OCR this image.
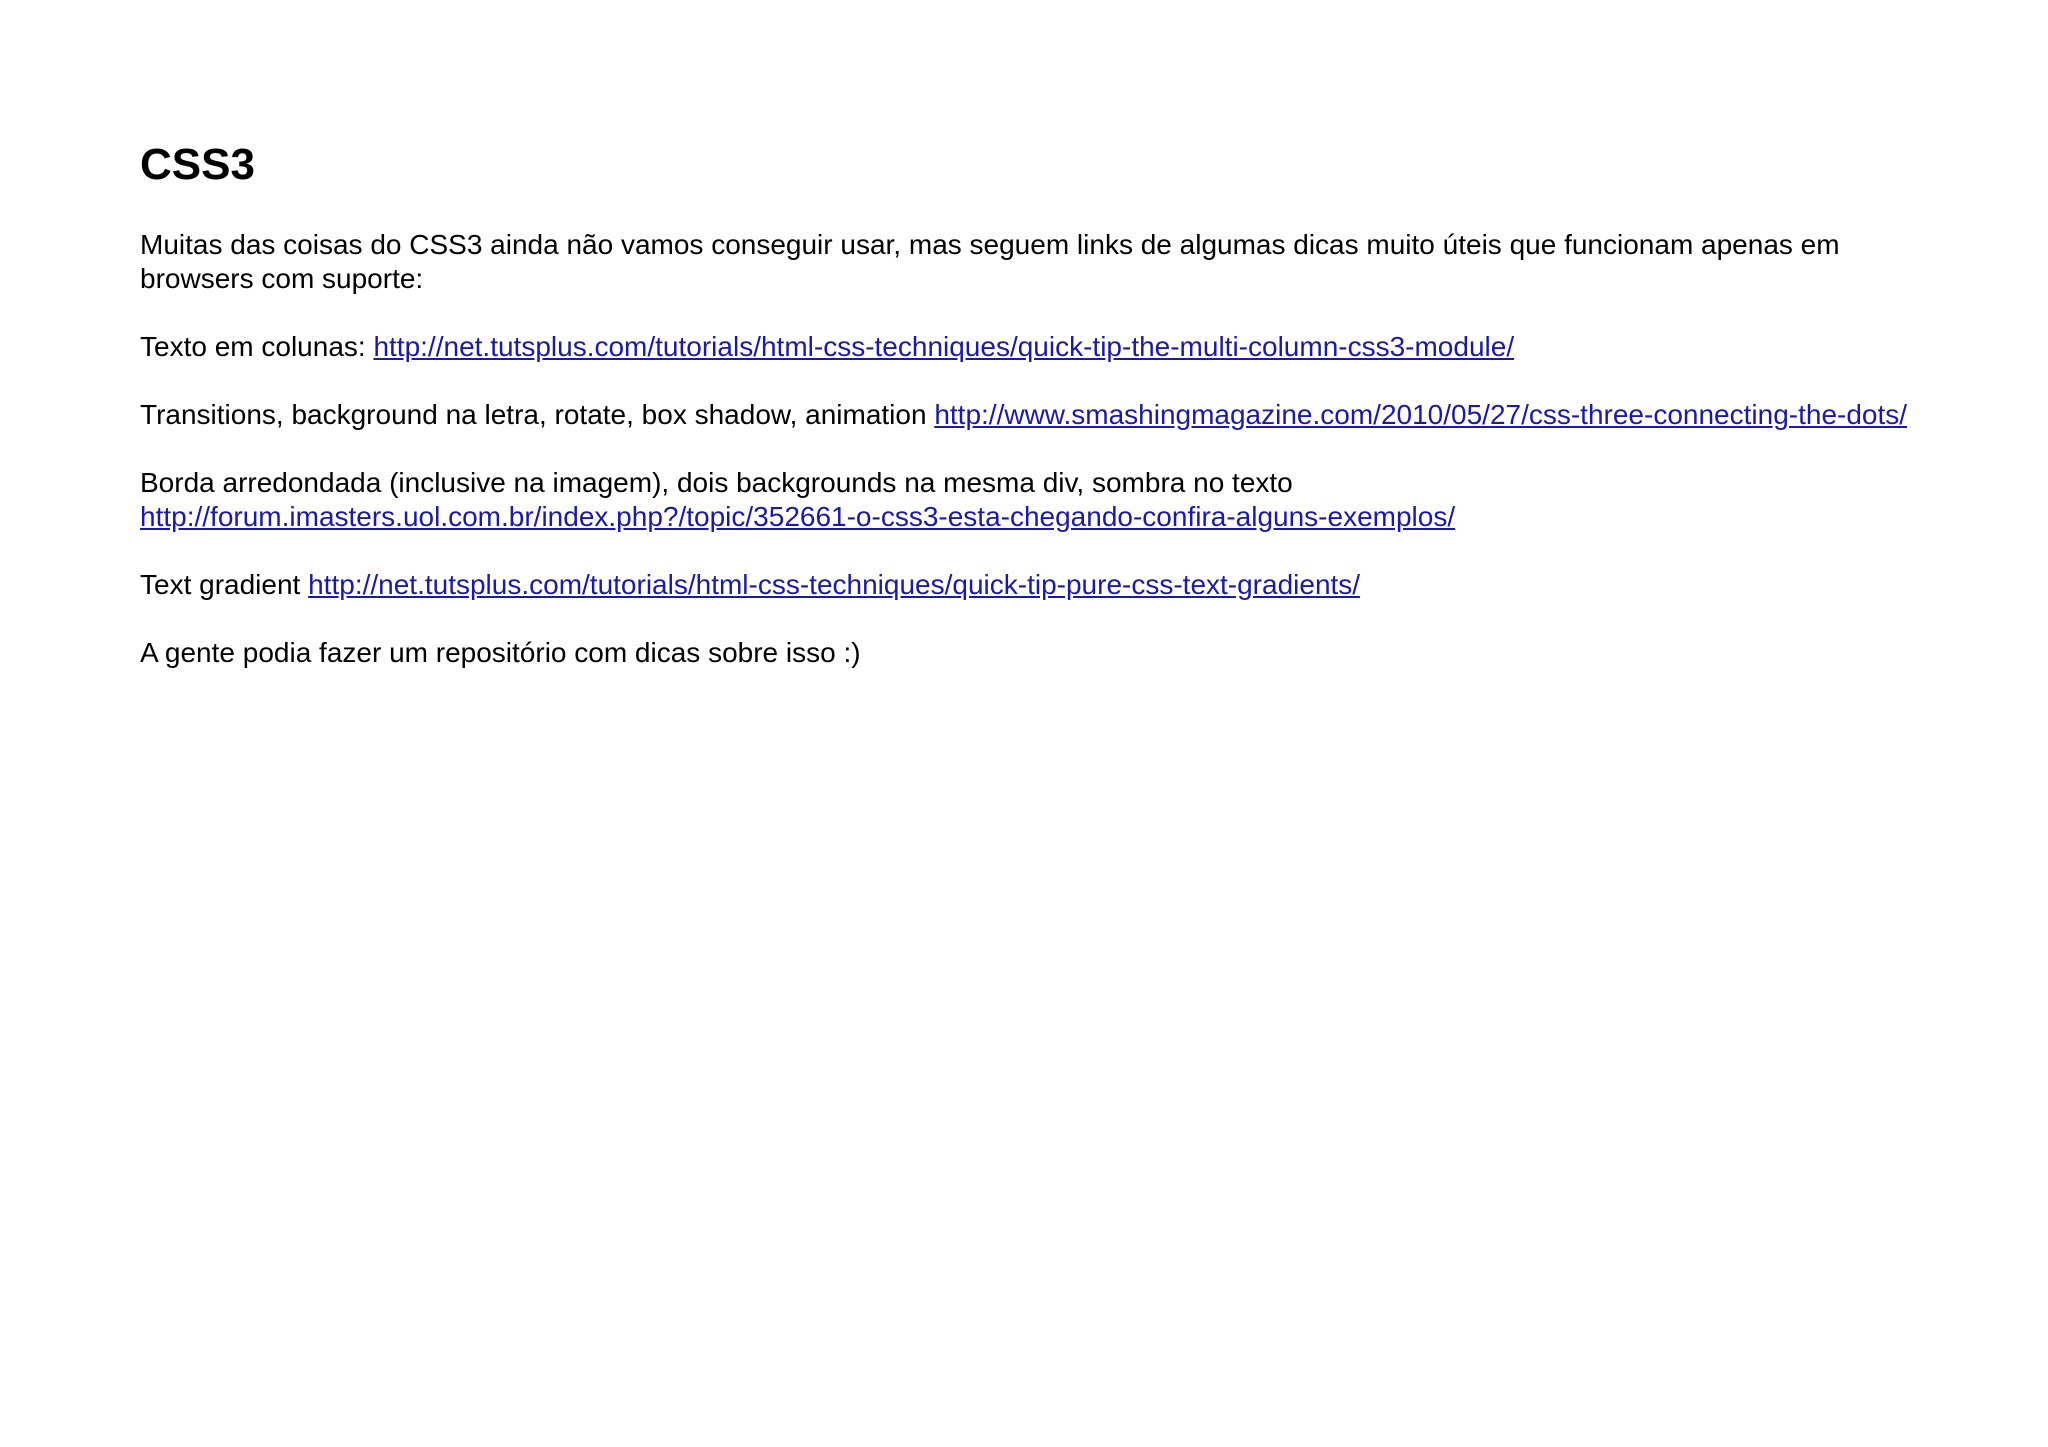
CSS3

Muitas das coisas do CSS3 ainda não vamos conseguir usar, mas seguem links de algumas dicas muito úteis que funcionam apenas em browsers com suporte:

Texto em colunas: http://net.tutsplus.com/tutorials/html-css-techniques/quick-tip-the-multi-column-css3-module/

Transitions, background na letra, rotate, box shadow, animation http://www.smashingmagazine.com/2010/05/27/css-three-connecting-the-dots/

Borda arredondada (inclusive na imagem), dois backgrounds na mesma div, sombra no texto http://forum.imasters.uol.com.br/index.php?/topic/352661-o-css3-esta-chegando-confira-alguns-exemplos/

Text gradient http://net.tutsplus.com/tutorials/html-css-techniques/quick-tip-pure-css-text-gradients/

A gente podia fazer um repositório com dicas sobre isso :)
